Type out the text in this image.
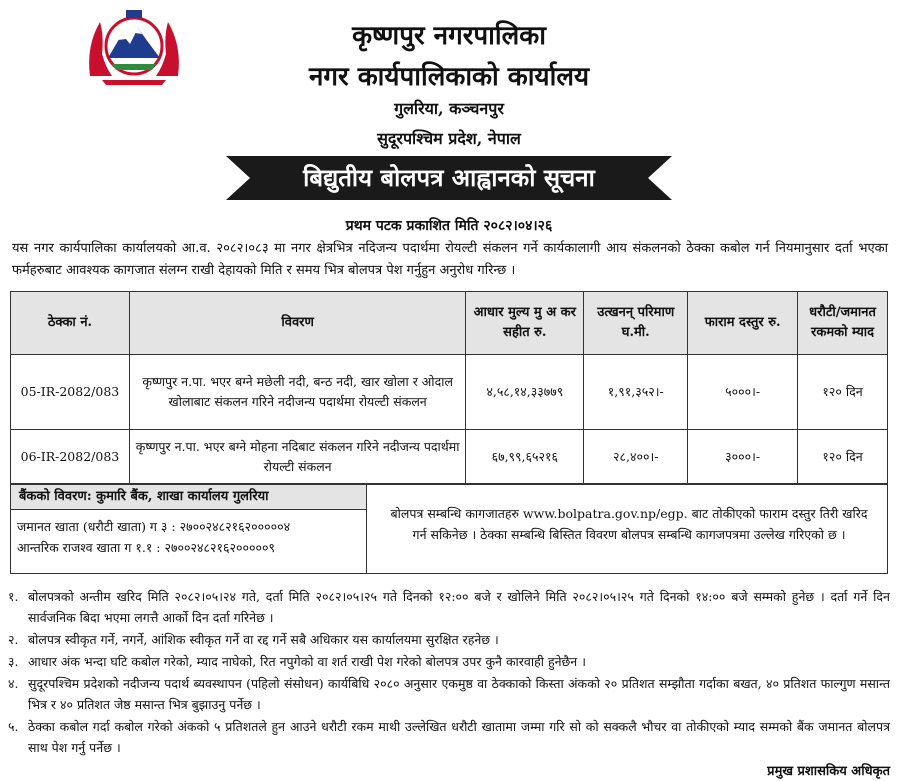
कृष्णपुर नगरपालिका
नगर कार्यपालिकाको कार्यालय
गुलरिया, कञ्चनपुर
सुदूरपश्चिम प्रदेश, नेपाल
बिद्युतीय बोलपत्र आह्वानको सूचना
प्रथम पटक प्रकाशित मिति २०८२।०४।२६
यस नगर कार्यपालिका कार्यालयको आ.व. २०८२।०८३ मा नगर क्षेत्रभित्र नदिजन्य पदार्थमा रोयल्टी संकलन गर्ने कार्यकालागी आय संकलनको ठेक्का कबोल गर्न नियमानुसार दर्ता भएका फर्महरुबाट आवश्यक कागजात संलग्न राखी देहायको मिति र समय भित्र बोलपत्र पेश गर्नुहुन अनुरोध गरिन्छ ।
ठेक्का नं.	विवरण	आधार मुल्य मु अ कर सहीत रु.	उत्खनन् परिमाण घ.मी.	फाराम दस्तुर रु.	धरौटी/जमानत रकमको म्याद
05-IR-2082/083	कृष्णपुर न.पा. भएर बग्ने मछेली नदी, बन्ठ नदी, खार खोला र ओदाल खोलाबाट संकलन गरिने नदीजन्य पदार्थमा रोयल्टी संकलन	४,५८,१४,३३७७९	१,९१,३५२।-	५०००।-	१२० दिन
06-IR-2082/083	कृष्णपुर न.पा. भएर बग्ने मोहना नदिबाट संकलन गरिने नदीजन्य पदार्थमा रोयल्टी संकलन	६७,९९,६५२१६	२८,४००।-	३०००।-	१२० दिन
बैंकको विवरण: कुमारि बैंक, शाखा कार्यालय गुलरिया
जमानत खाता (धरौटी खाता) ग ३ : २७००२४८२१६२०००००४
आन्तरिक राजश्व खाता ग १.१ : २७००२४८२१६२०००००९
बोलपत्र सम्बन्धि कागजातहरु www.bolpatra.gov.np/egp. बाट तोकीएको फाराम दस्तुर तिरी खरिद गर्न सकिनेछ । ठेक्का सम्बन्धि बिस्तित विवरण बोलपत्र सम्बन्धि कागजपत्रमा उल्लेख गरिएको छ ।
१. बोलपत्रको अन्तीम खरिद मिति २०८२।०५।२४ गते, दर्ता मिति २०८२।०५।२५ गते दिनको १२:०० बजे र खोलिने मिति २०८२।०५।२५ गते दिनको १४:०० बजे सम्मको हुनेछ । दर्ता गर्ने दिन सार्वजनिक बिदा भएमा लगत्तै आर्को दिन दर्ता गरिनेछ ।
२. बोलपत्र स्वीकृत गर्ने, नगर्ने, आंशिक स्वीकृत गर्ने वा रद्द गर्ने सबै अधिकार यस कार्यालयमा सुरक्षित रहनेछ ।
३. आधार अंक भन्दा घटि कबोल गरेको, म्याद नाघेको, रित नपुगेको वा शर्त राखी पेश गरेको बोलपत्र उपर कुनै कारवाही हुनेछैन ।
४. सुदूरपश्चिम प्रदेशको नदीजन्य पदार्थ ब्यवस्थापन (पहिलो संसोधन) कार्यबिधि २०८० अनुसार एकमुष्ठ वा ठेक्काको किस्ता अंकको २० प्रतिशत सम्झौता गर्दाका बखत, ४० प्रतिशत फाल्गुण मसान्त भित्र र ४० प्रतिशत जेष्ठ मसान्त भित्र बुझाउनु पर्नेछ ।
५. ठेक्का कबोल गर्दा कबोल गरेको अंकको ५ प्रतिशतले हुन आउने धरौटी रकम माथी उल्लेखित धरौटी खातामा जम्मा गरि सो को सक्कलै भौचर वा तोकीएको म्याद सम्मको बैंक जमानत बोलपत्र साथ पेश गर्नु पर्नेछ ।
प्रमुख प्रशासकिय अधिकृत
